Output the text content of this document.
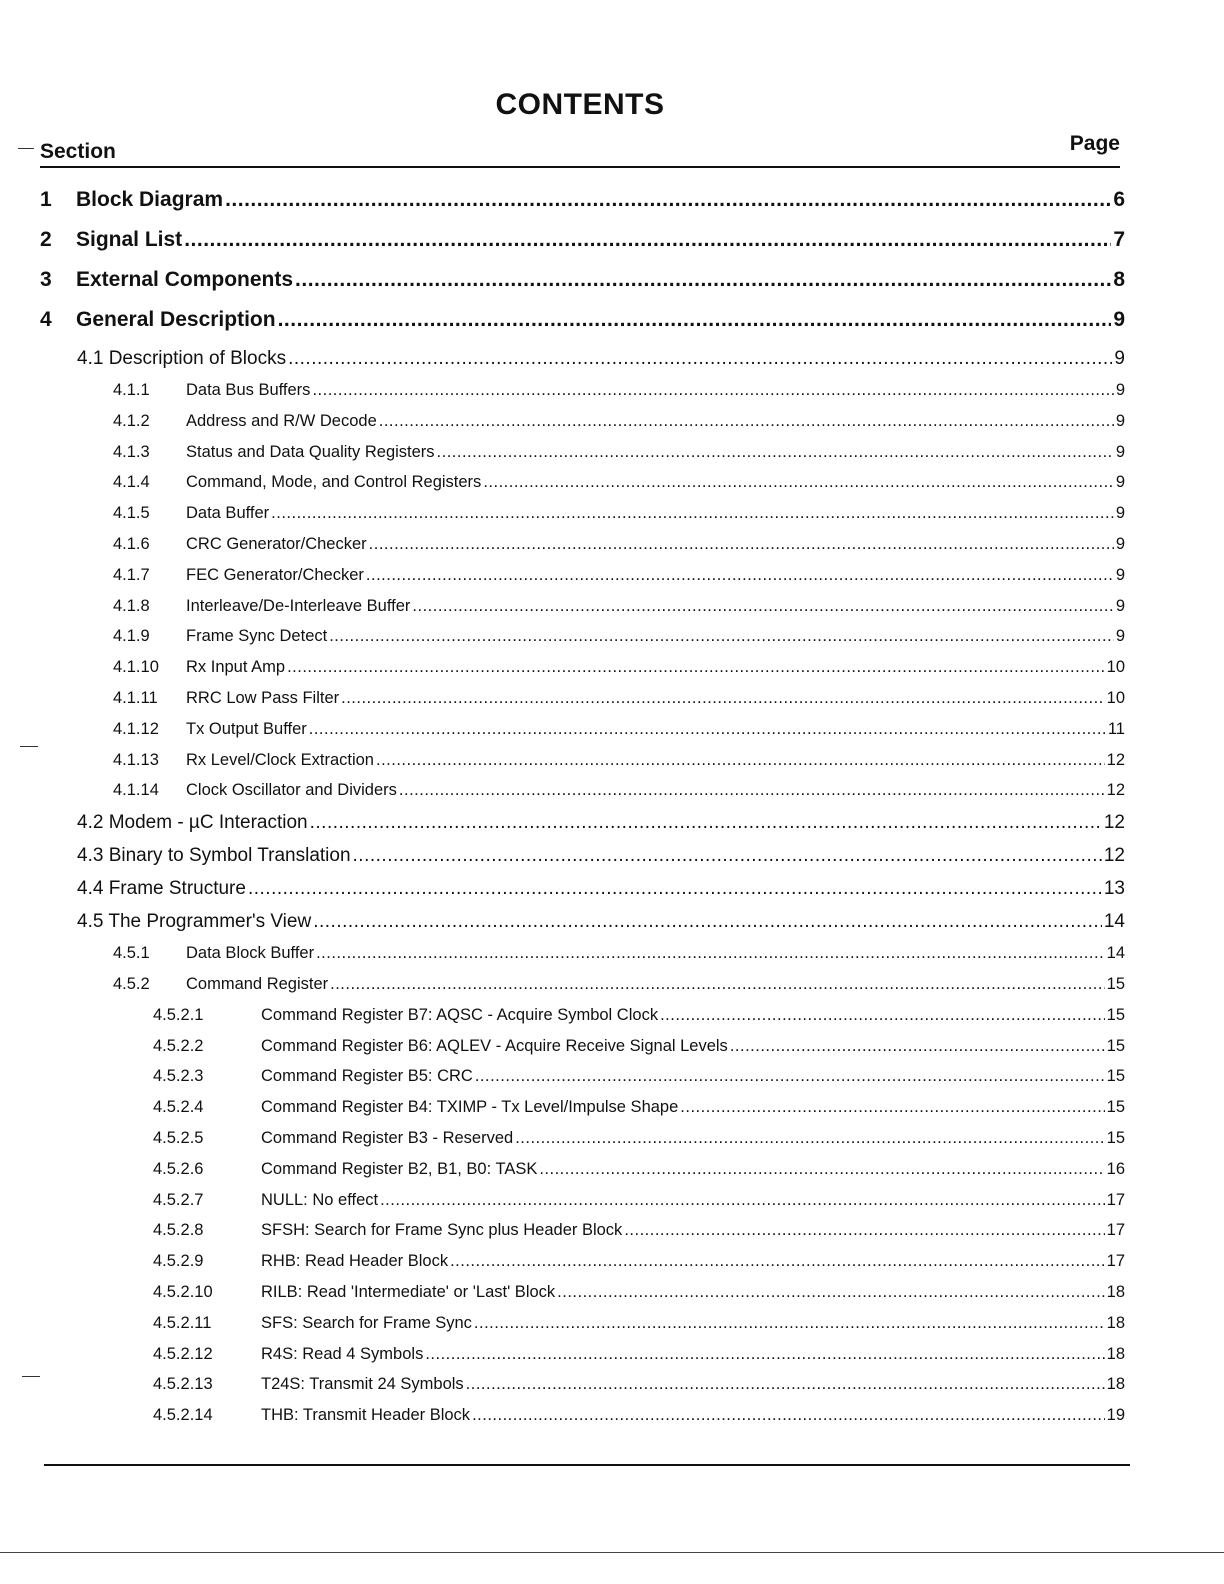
CONTENTS
Section	Page
1	Block Diagram .....	6
2	Signal List .....	7
3	External Components .....	8
4	General Description .....	9
4.1 Description of Blocks .....	9
4.1.1	Data Bus Buffers .....	9
4.1.2	Address and R/W Decode .....	9
4.1.3	Status and Data Quality Registers .....	9
4.1.4	Command, Mode, and Control Registers .....	9
4.1.5	Data Buffer .....	9
4.1.6	CRC Generator/Checker .....	9
4.1.7	FEC Generator/Checker .....	9
4.1.8	Interleave/De-Interleave Buffer .....	9
4.1.9	Frame Sync Detect .....	9
4.1.10	Rx Input Amp .....	10
4.1.11	RRC Low Pass Filter .....	10
4.1.12	Tx Output Buffer .....	11
4.1.13	Rx Level/Clock Extraction .....	12
4.1.14	Clock Oscillator and Dividers .....	12
4.2 Modem - µC Interaction .....	12
4.3 Binary to Symbol Translation .....	12
4.4 Frame Structure .....	13
4.5 The Programmer's View .....	14
4.5.1	Data Block Buffer .....	14
4.5.2	Command Register .....	15
4.5.2.1	Command Register B7: AQSC - Acquire Symbol Clock .....	15
4.5.2.2	Command Register B6: AQLEV - Acquire Receive Signal Levels .....	15
4.5.2.3	Command Register B5: CRC .....	15
4.5.2.4	Command Register B4: TXIMP - Tx Level/Impulse Shape .....	15
4.5.2.5	Command Register B3 - Reserved .....	15
4.5.2.6	Command Register B2, B1, B0: TASK .....	16
4.5.2.7	NULL: No effect .....	17
4.5.2.8	SFSH: Search for Frame Sync plus Header Block .....	17
4.5.2.9	RHB: Read Header Block .....	17
4.5.2.10	RILB: Read 'Intermediate' or 'Last' Block .....	18
4.5.2.11	SFS: Search for Frame Sync .....	18
4.5.2.12	R4S: Read 4 Symbols .....	18
4.5.2.13	T24S: Transmit 24 Symbols .....	18
4.5.2.14	THB: Transmit Header Block .....	19
